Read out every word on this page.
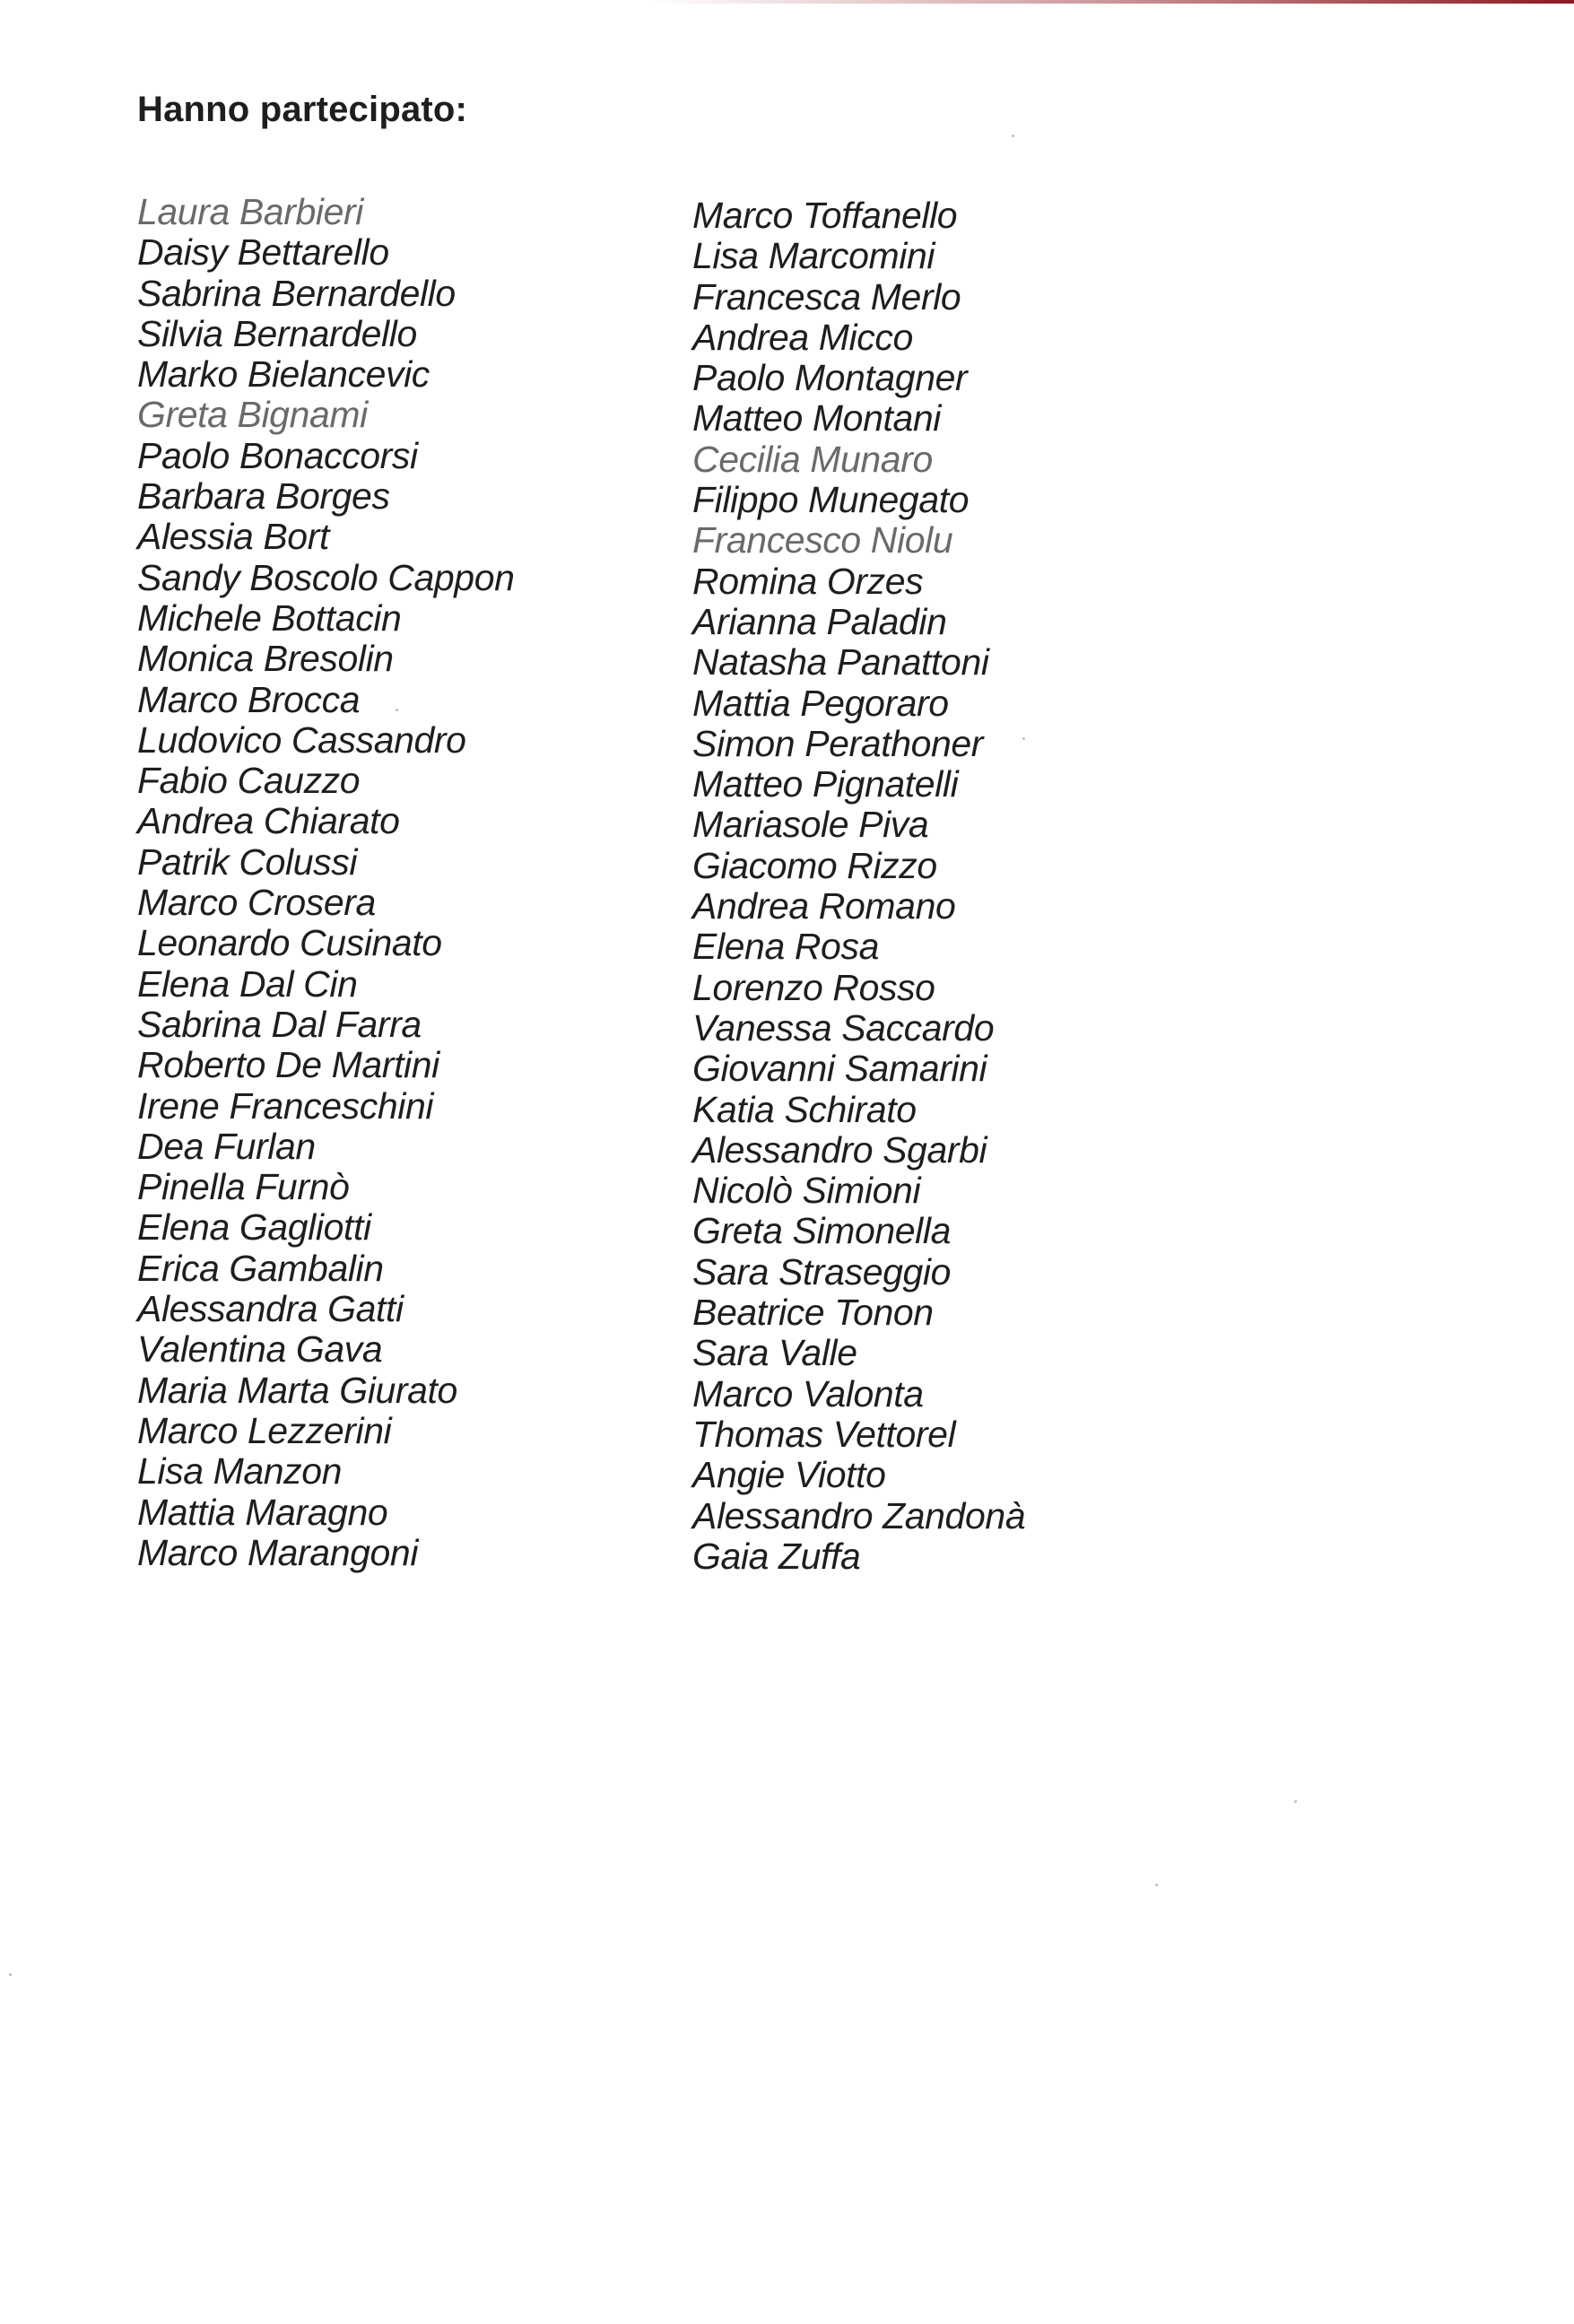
Hanno partecipato:
Laura Barbieri
Daisy Bettarello
Sabrina Bernardello
Silvia Bernardello
Marko Bielancevic
Greta Bignami
Paolo Bonaccorsi
Barbara Borges
Alessia Bort
Sandy Boscolo Cappon
Michele Bottacin
Monica Bresolin
Marco Brocca
Ludovico Cassandro
Fabio Cauzzo
Andrea Chiarato
Patrik Colussi
Marco Crosera
Leonardo Cusinato
Elena Dal Cin
Sabrina Dal Farra
Roberto De Martini
Irene Franceschini
Dea Furlan
Pinella Furnò
Elena Gagliotti
Erica Gambalin
Alessandra Gatti
Valentina Gava
Maria Marta Giurato
Marco Lezzerini
Lisa Manzon
Mattia Maragno
Marco Marangoni
Marco Toffanello
Lisa Marcomini
Francesca Merlo
Andrea Micco
Paolo Montagner
Matteo Montani
Cecilia Munaro
Filippo Munegato
Francesco Niolu
Romina Orzes
Arianna Paladin
Natasha Panattoni
Mattia Pegoraro
Simon Perathoner
Matteo Pignatelli
Mariasole Piva
Giacomo Rizzo
Andrea Romano
Elena Rosa
Lorenzo Rosso
Vanessa Saccardo
Giovanni Samarini
Katia Schirato
Alessandro Sgarbi
Nicolò Simioni
Greta Simonella
Sara Straseggio
Beatrice Tonon
Sara Valle
Marco Valonta
Thomas Vettorel
Angie Viotto
Alessandro Zandonà
Gaia Zuffa
